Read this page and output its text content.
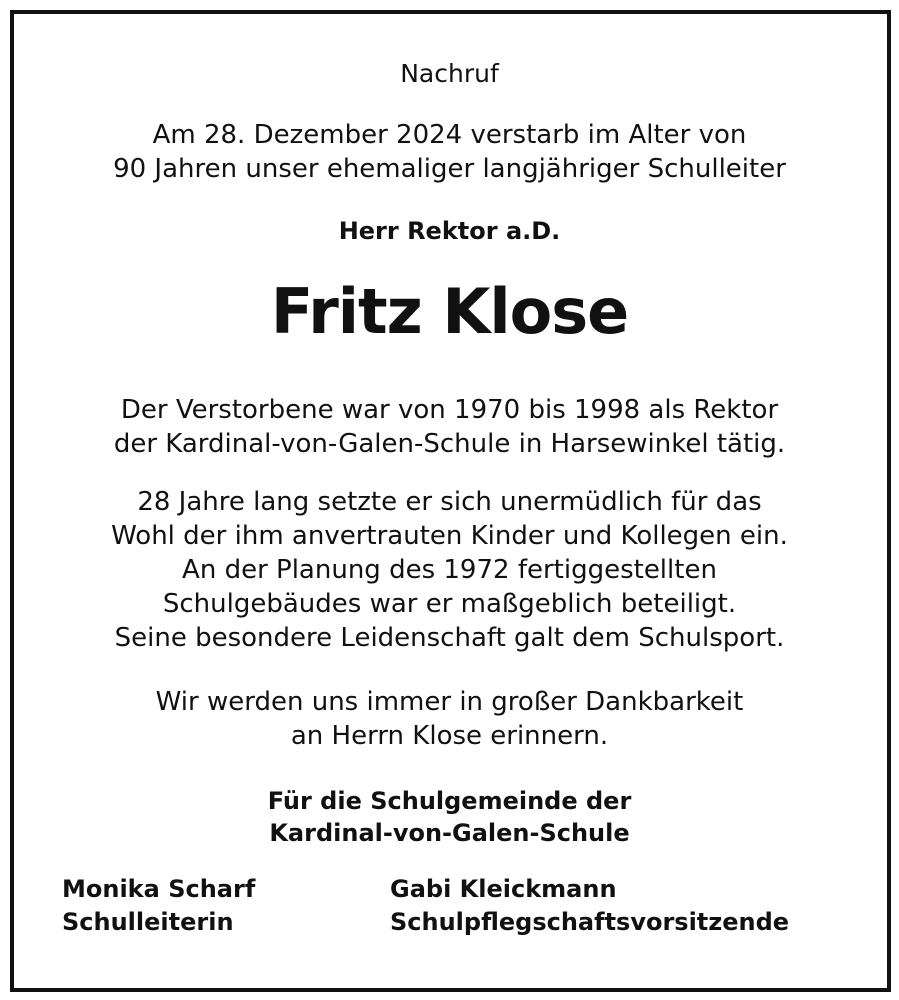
Nachruf
Am 28. Dezember 2024 verstarb im Alter von
90 Jahren unser ehemaliger langjähriger Schulleiter
Herr Rektor a.D.
Fritz Klose
Der Verstorbene war von 1970 bis 1998 als Rektor
der Kardinal-von-Galen-Schule in Harsewinkel tätig.
28 Jahre lang setzte er sich unermüdlich für das
Wohl der ihm anvertrauten Kinder und Kollegen ein.
An der Planung des 1972 fertiggestellten
Schulgebäudes war er maßgeblich beteiligt.
Seine besondere Leidenschaft galt dem Schulsport.
Wir werden uns immer in großer Dankbarkeit
an Herrn Klose erinnern.
Für die Schulgemeinde der
Kardinal-von-Galen-Schule
Monika Scharf
Schulleiterin
Gabi Kleickmann
Schulpflegschaftsvorsitzende
